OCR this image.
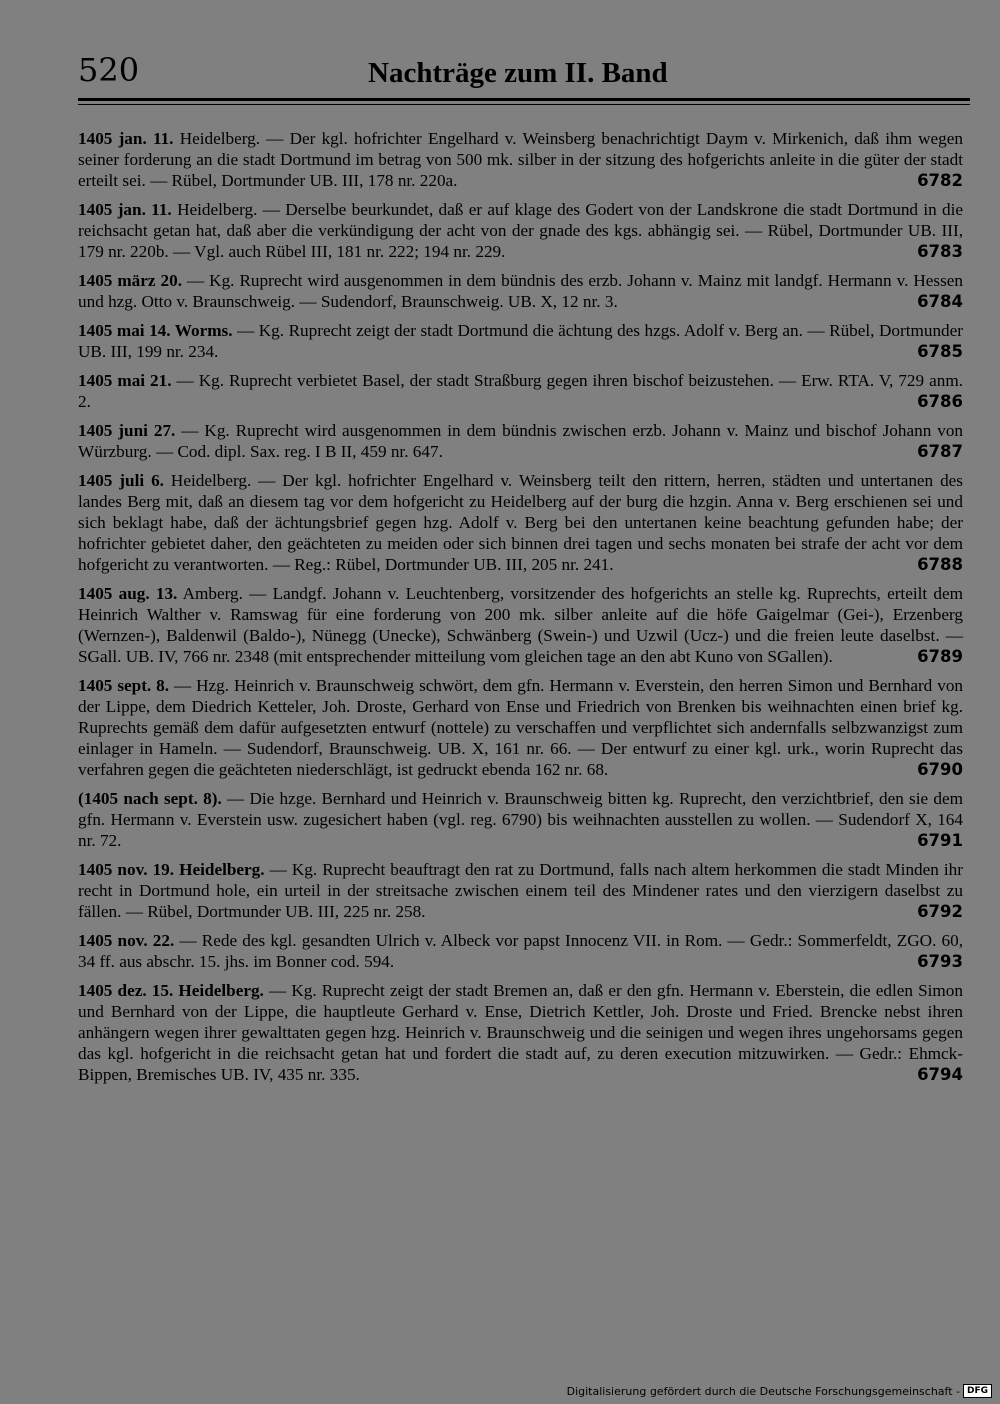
520	Nachträge zum II. Band
1405 jan. 11. Heidelberg. — Der kgl. hofrichter Engelhard v. Weinsberg benachrichtigt Daym v. Mirkenich, daß ihm wegen seiner forderung an die stadt Dortmund im betrag von 500 mk. silber in der sitzung des hofgerichts anleite in die güter der stadt erteilt sei. — Rübel, Dortmunder UB. III, 178 nr. 220a.	6782
1405 jan. 11. Heidelberg. — Derselbe beurkundet, daß er auf klage des Godert von der Landskrone die stadt Dortmund in die reichsacht getan hat, daß aber die verkündigung der acht von der gnade des kgs. abhängig sei. — Rübel, Dortmunder UB. III, 179 nr. 220b. — Vgl. auch Rübel III, 181 nr. 222; 194 nr. 229.	6783
1405 märz 20. — Kg. Ruprecht wird ausgenommen in dem bündnis des erzb. Johann v. Mainz mit landgf. Hermann v. Hessen und hzg. Otto v. Braunschweig. — Sudendorf, Braunschweig. UB. X, 12 nr. 3.	6784
1405 mai 14. Worms. — Kg. Ruprecht zeigt der stadt Dortmund die ächtung des hzgs. Adolf v. Berg an. — Rübel, Dortmunder UB. III, 199 nr. 234.	6785
1405 mai 21. — Kg. Ruprecht verbietet Basel, der stadt Straßburg gegen ihren bischof beizustehen. — Erw. RTA. V, 729 anm. 2.	6786
1405 juni 27. — Kg. Ruprecht wird ausgenommen in dem bündnis zwischen erzb. Johann v. Mainz und bischof Johann von Würzburg. — Cod. dipl. Sax. reg. I B II, 459 nr. 647.	6787
1405 juli 6. Heidelberg. — Der kgl. hofrichter Engelhard v. Weinsberg teilt den rittern, herren, städten und untertanen des landes Berg mit, daß an diesem tag vor dem hofgericht zu Heidelberg auf der burg die hzgin. Anna v. Berg erschienen sei und sich beklagt habe, daß der ächtungsbrief gegen hzg. Adolf v. Berg bei den untertanen keine beachtung gefunden habe; der hofrichter gebietet daher, den geächteten zu meiden oder sich binnen drei tagen und sechs monaten bei strafe der acht vor dem hofgericht zu verantworten. — Reg.: Rübel, Dortmunder UB. III, 205 nr. 241.	6788
1405 aug. 13. Amberg. — Landgf. Johann v. Leuchtenberg, vorsitzender des hofgerichts an stelle kg. Ruprechts, erteilt dem Heinrich Walther v. Ramswag für eine forderung von 200 mk. silber anleite auf die höfe Gaigelmar (Gei-), Erzenberg (Wernzen-), Baldenwil (Baldo-), Nünegg (Unecke), Schwänberg (Swein-) und Uzwil (Ucz-) und die freien leute daselbst. — SGall. UB. IV, 766 nr. 2348 (mit entsprechender mitteilung vom gleichen tage an den abt Kuno von SGallen).	6789
1405 sept. 8. — Hzg. Heinrich v. Braunschweig schwört, dem gfn. Hermann v. Everstein, den herren Simon und Bernhard von der Lippe, dem Diedrich Ketteler, Joh. Droste, Gerhard von Ense und Friedrich von Brenken bis weihnachten einen brief kg. Ruprechts gemäß dem dafür aufgesetzten entwurf (nottele) zu verschaffen und verpflichtet sich andernfalls selbzwanzigst zum einlager in Hameln. — Sudendorf, Braunschweig. UB. X, 161 nr. 66. — Der entwurf zu einer kgl. urk., worin Ruprecht das verfahren gegen die geächteten niederschlägt, ist gedruckt ebenda 162 nr. 68.	6790
(1405 nach sept. 8). — Die hzge. Bernhard und Heinrich v. Braunschweig bitten kg. Ruprecht, den verzichtbrief, den sie dem gfn. Hermann v. Everstein usw. zugesichert haben (vgl. reg. 6790) bis weihnachten ausstellen zu wollen. — Sudendorf X, 164 nr. 72.	6791
1405 nov. 19. Heidelberg. — Kg. Ruprecht beauftragt den rat zu Dortmund, falls nach altem herkommen die stadt Minden ihr recht in Dortmund hole, ein urteil in der streitsache zwischen einem teil des Mindener rates und den vierzigern daselbst zu fällen. — Rübel, Dortmunder UB. III, 225 nr. 258.	6792
1405 nov. 22. — Rede des kgl. gesandten Ulrich v. Albeck vor papst Innocenz VII. in Rom. — Gedr.: Sommerfeldt, ZGO. 60, 34 ff. aus abschr. 15. jhs. im Bonner cod. 594.	6793
1405 dez. 15. Heidelberg. — Kg. Ruprecht zeigt der stadt Bremen an, daß er den gfn. Hermann v. Eberstein, die edlen Simon und Bernhard von der Lippe, die hauptleute Gerhard v. Ense, Dietrich Kettler, Joh. Droste und Fried. Brencke nebst ihren anhängern wegen ihrer gewalttaten gegen hzg. Heinrich v. Braunschweig und die seinigen und wegen ihres ungehorsams gegen das kgl. hofgericht in die reichsacht getan hat und fordert die stadt auf, zu deren execution mitzuwirken. — Gedr.: Ehmck-Bippen, Bremisches UB. IV, 435 nr. 335.	6794
Digitalisierung gefördert durch die Deutsche Forschungsgemeinschaft - DFG
